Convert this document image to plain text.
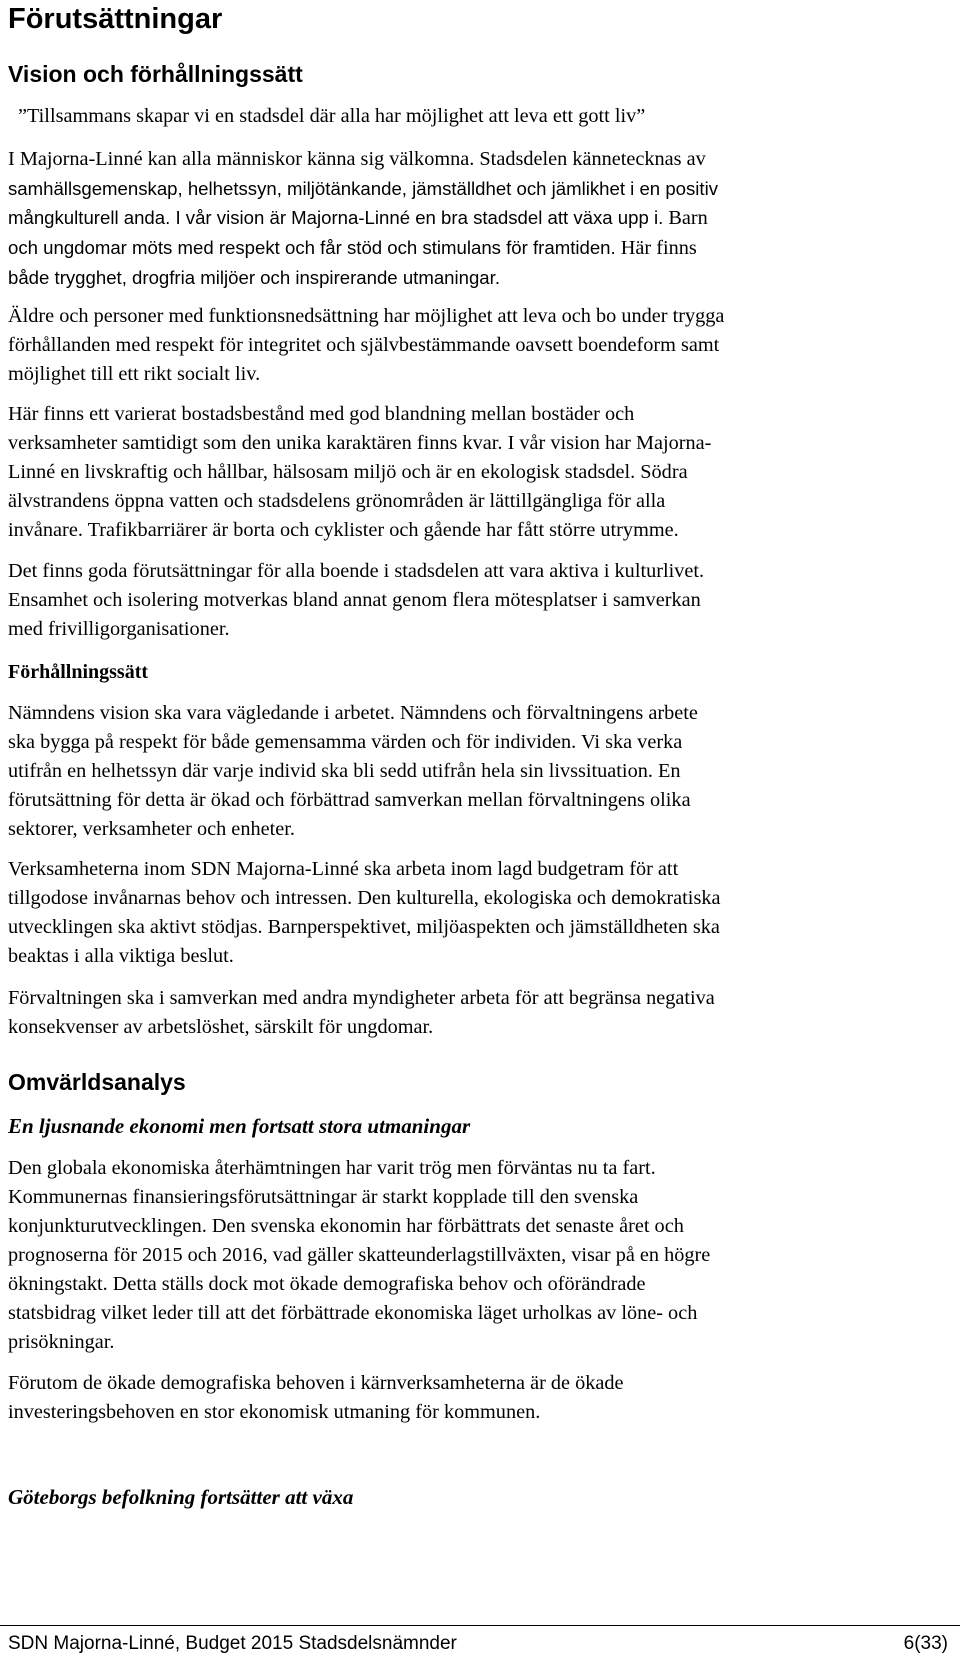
Förutsättningar
Vision och förhållningssätt
”Tillsammans skapar vi en stadsdel där alla har möjlighet att leva ett gott liv”
I Majorna-Linné kan alla människor känna sig välkomna. Stadsdelen kännetecknas av
samhällsgemenskap, helhetssyn, miljötänkande, jämställdhet och jämlikhet i en positiv
mångkulturell anda. I vår vision är Majorna-Linné en bra stadsdel att växa upp i. Barn
och ungdomar möts med respekt och får stöd och stimulans för framtiden. Här finns
både trygghet, drogfria miljöer och inspirerande utmaningar.
Äldre och personer med funktionsnedsättning har möjlighet att leva och bo under trygga
förhållanden med respekt för integritet och självbestämmande oavsett boendeform samt
möjlighet till ett rikt socialt liv.
Här finns ett varierat bostadsbestånd med god blandning mellan bostäder och
verksamheter samtidigt som den unika karaktären finns kvar. I vår vision har Majorna-
Linné en livskraftig och hållbar, hälsosam miljö och är en ekologisk stadsdel. Södra
älvstrandens öppna vatten och stadsdelens grönområden är lättillgängliga för alla
invånare. Trafikbarriärer är borta och cyklister och gående har fått större utrymme.
Det finns goda förutsättningar för alla boende i stadsdelen att vara aktiva i kulturlivet.
Ensamhet och isolering motverkas bland annat genom flera mötesplatser i samverkan
med frivilligorganisationer.
Förhållningssätt
Nämndens vision ska vara vägledande i arbetet. Nämndens och förvaltningens arbete
ska bygga på respekt för både gemensamma värden och för individen. Vi ska verka
utifrån en helhetssyn där varje individ ska bli sedd utifrån hela sin livssituation. En
förutsättning för detta är ökad och förbättrad samverkan mellan förvaltningens olika
sektorer, verksamheter och enheter.
Verksamheterna inom SDN Majorna-Linné ska arbeta inom lagd budgetram för att
tillgodose invånarnas behov och intressen. Den kulturella, ekologiska och demokratiska
utvecklingen ska aktivt stödjas. Barnperspektivet, miljöaspekten och jämställdheten ska
beaktas i alla viktiga beslut.
Förvaltningen ska i samverkan med andra myndigheter arbeta för att begränsa negativa
konsekvenser av arbetslöshet, särskilt för ungdomar.
Omvärldsanalys
En ljusnande ekonomi men fortsatt stora utmaningar
Den globala ekonomiska återhämtningen har varit trög men förväntas nu ta fart.
Kommunernas finansieringsförutsättningar är starkt kopplade till den svenska
konjunkturutvecklingen. Den svenska ekonomin har förbättrats det senaste året och
prognoserna för 2015 och 2016, vad gäller skatteunderlagstillväxten, visar på en högre
ökningstakt. Detta ställs dock mot ökade demografiska behov och oförändrade
statsbidrag vilket leder till att det förbättrade ekonomiska läget urholkas av löne- och
prisökningar.
Förutom de ökade demografiska behoven i kärnverksamheterna är de ökade
investeringsbehoven en stor ekonomisk utmaning för kommunen.
Göteborgs befolkning fortsätter att växa
SDN Majorna-Linné, Budget 2015 Stadsdelsnämnder	6(33)
